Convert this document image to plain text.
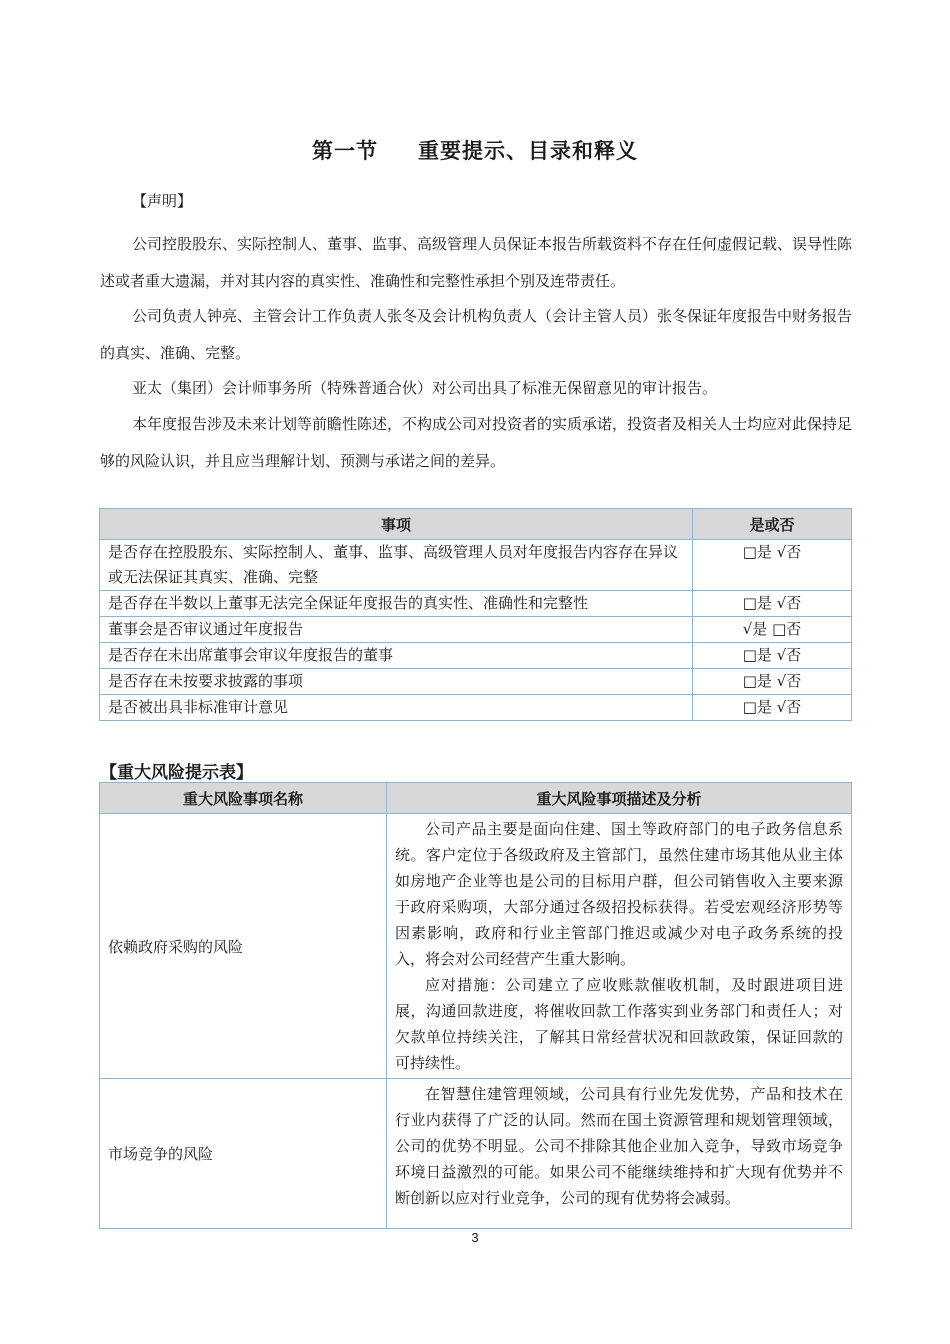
第一节 重要提示、目录和释义
【声明】
公司控股股东、实际控制人、董事、监事、高级管理人员保证本报告所载资料不存在任何虚假记载、误导性陈述或者重大遗漏，并对其内容的真实性、准确性和完整性承担个别及连带责任。
公司负责人钟亮、主管会计工作负责人张冬及会计机构负责人（会计主管人员）张冬保证年度报告中财务报告的真实、准确、完整。
亚太（集团）会计师事务所（特殊普通合伙）对公司出具了标准无保留意见的审计报告。
本年度报告涉及未来计划等前瞻性陈述，不构成公司对投资者的实质承诺，投资者及相关人士均应对此保持足够的风险认识，并且应当理解计划、预测与承诺之间的差异。
事项	是或否
是否存在控股股东、实际控制人、董事、监事、高级管理人员对年度报告内容存在异议或无法保证其真实、准确、完整	□是 √否
是否存在半数以上董事无法完全保证年度报告的真实性、准确性和完整性	□是 √否
董事会是否审议通过年度报告	√是 □否
是否存在未出席董事会审议年度报告的董事	□是 √否
是否存在未按要求披露的事项	□是 √否
是否被出具非标准审计意见	□是 √否
【重大风险提示表】
重大风险事项名称	重大风险事项描述及分析
依赖政府采购的风险	公司产品主要是面向住建、国土等政府部门的电子政务信息系统。客户定位于各级政府及主管部门，虽然住建市场其他从业主体如房地产企业等也是公司的目标用户群，但公司销售收入主要来源于政府采购项，大部分通过各级招投标获得。若受宏观经济形势等因素影响，政府和行业主管部门推迟或减少对电子政务系统的投入，将会对公司经营产生重大影响。

应对措施：公司建立了应收账款催收机制，及时跟进项目进展，沟通回款进度，将催收回款工作落实到业务部门和责任人；对欠款单位持续关注，了解其日常经营状况和回款政策，保证回款的可持续性。

市场竞争的风险	在智慧住建管理领域，公司具有行业先发优势，产品和技术在行业内获得了广泛的认同。然而在国土资源管理和规划管理领域，公司的优势不明显。公司不排除其他企业加入竞争，导致市场竞争环境日益激烈的可能。如果公司不能继续维持和扩大现有优势并不断创新以应对行业竞争，公司的现有优势将会减弱。

3
